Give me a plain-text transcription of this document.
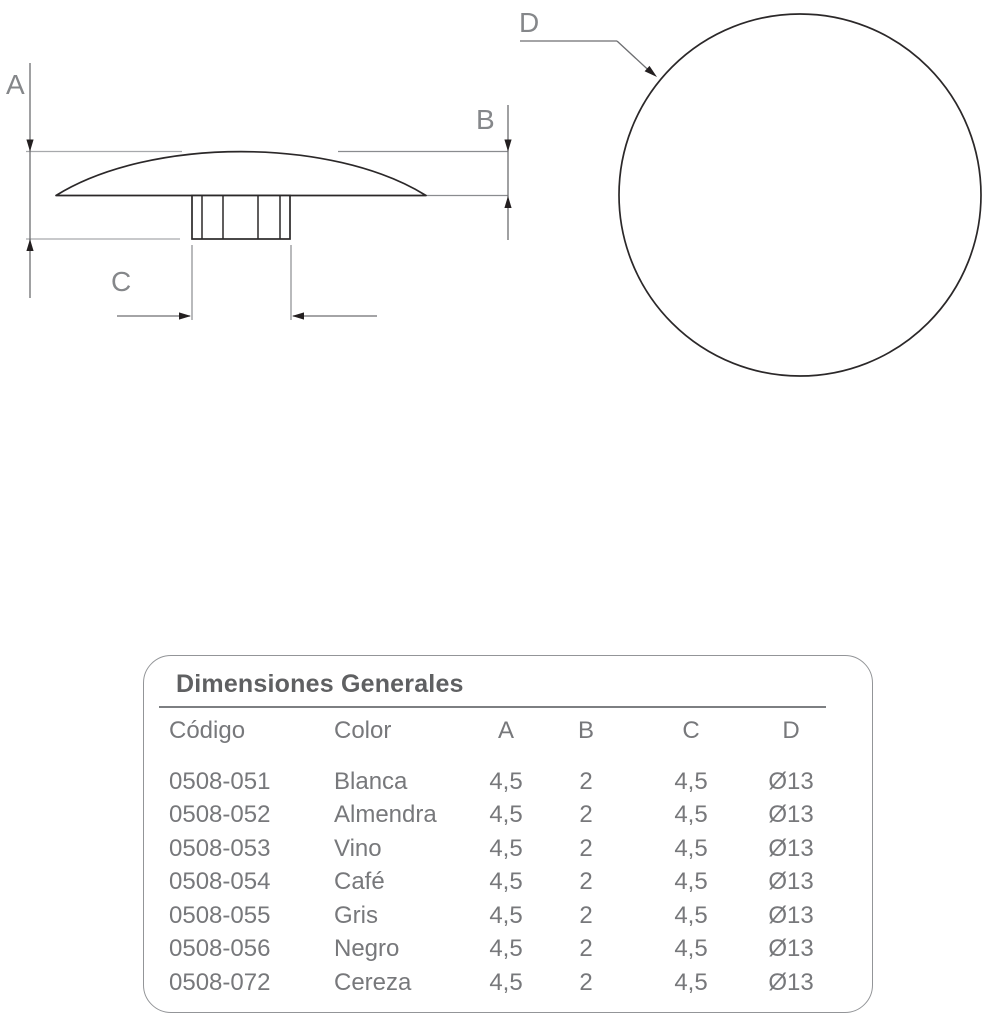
A
B
C
D
Dimensiones Generales
Código	Color	A	B	C	D
0508-051	Blanca	4,5	2	4,5	Ø13
0508-052	Almendra	4,5	2	4,5	Ø13
0508-053	Vino	4,5	2	4,5	Ø13
0508-054	Café	4,5	2	4,5	Ø13
0508-055	Gris	4,5	2	4,5	Ø13
0508-056	Negro	4,5	2	4,5	Ø13
0508-072	Cereza	4,5	2	4,5	Ø13
